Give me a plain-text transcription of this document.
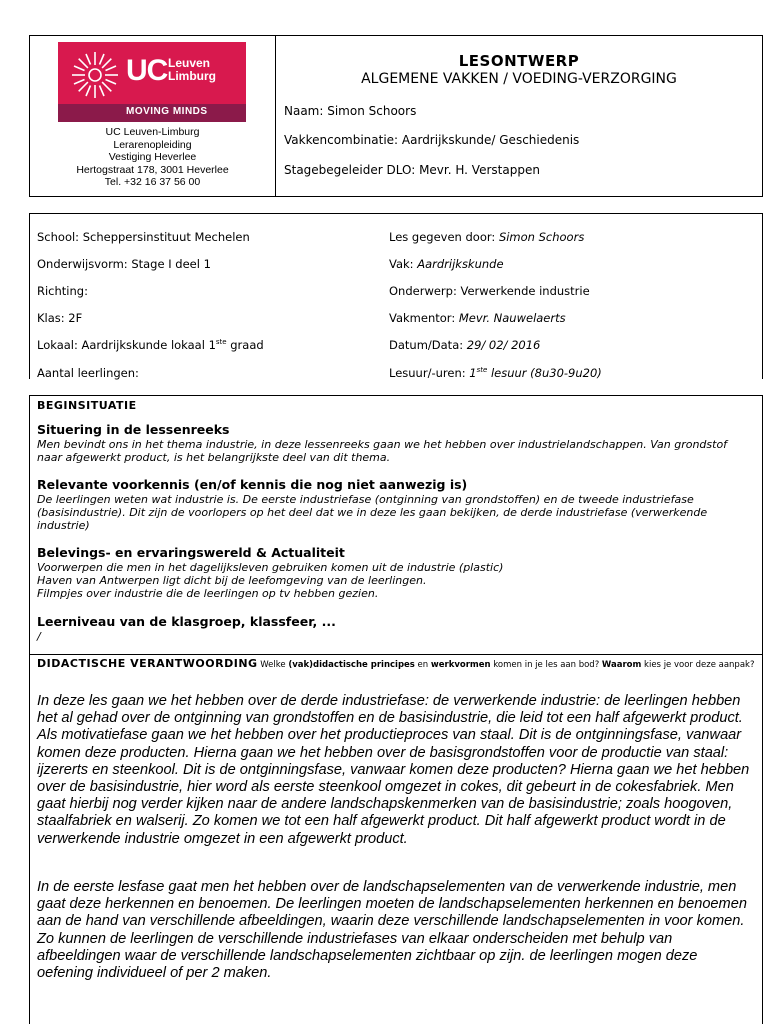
UC Leuven
Limburg
MOVING MINDS
UC Leuven-Limburg
Lerarenopleiding
Vestiging Heverlee
Hertogstraat 178, 3001 Heverlee
Tel. +32 16 37 56 00
LESONTWERP
ALGEMENE VAKKEN / VOEDING-VERZORGING
Naam: Simon Schoors
Vakkencombinatie: Aardrijkskunde/ Geschiedenis
Stagebegeleider DLO: Mevr. H. Verstappen
School: Scheppersinstituut Mechelen
Onderwijsvorm: Stage I deel 1
Richting:
Klas: 2F
Lokaal: Aardrijkskunde lokaal 1ste graad
Aantal leerlingen:
Les gegeven door: Simon Schoors
Vak: Aardrijkskunde
Onderwerp: Verwerkende industrie
Vakmentor: Mevr. Nauwelaerts
Datum/Data: 29/ 02/ 2016
Lesuur/-uren: 1ste lesuur (8u30-9u20)
BEGINSITUATIE
Situering in de lessenreeks
Men bevindt ons in het thema industrie, in deze lessenreeks gaan we het hebben over industrielandschappen. Van grondstof naar afgewerkt product, is het belangrijkste deel van dit thema.
Relevante voorkennis (en/of kennis die nog niet aanwezig is)
De leerlingen weten wat industrie is. De eerste industriefase (ontginning van grondstoffen) en de tweede industriefase (basisindustrie). Dit zijn de voorlopers op het deel dat we in deze les gaan bekijken, de derde industriefase (verwerkende industrie)
Belevings- en ervaringswereld & Actualiteit
Voorwerpen die men in het dagelijksleven gebruiken komen uit de industrie (plastic)
Haven van Antwerpen ligt dicht bij de leefomgeving van de leerlingen.
Filmpjes over industrie die de leerlingen op tv hebben gezien.
Leerniveau van de klasgroep, klassfeer, ...
/
DIDACTISCHE VERANTWOORDING Welke (vak)didactische principes en werkvormen komen in je les aan bod? Waarom kies je voor deze aanpak?
In deze les gaan we het hebben over de derde industriefase: de verwerkende industrie: de leerlingen hebben het al gehad over de ontginning van grondstoffen en de basisindustrie, die leid tot een half afgewerkt product. Als motivatiefase gaan we het hebben over het productieproces van staal. Dit is de ontginningsfase, vanwaar komen deze producten. Hierna gaan we het hebben over de basisgrondstoffen voor de productie van staal: ijzererts en steenkool. Dit is de ontginningsfase, vanwaar komen deze producten? Hierna gaan we het hebben over de basisindustrie, hier word als eerste steenkool omgezet in cokes, dit gebeurt in de cokesfabriek. Men gaat hierbij nog verder kijken naar de andere landschapskenmerken van de basisindustrie; zoals hoogoven, staalfabriek en walserij. Zo komen we tot een half afgewerkt product. Dit half afgewerkt product wordt in de verwerkende industrie omgezet in een afgewerkt product.
In de eerste lesfase gaat men het hebben over de landschapselementen van de verwerkende industrie, men gaat deze herkennen en benoemen. De leerlingen moeten de landschapselementen herkennen en benoemen aan de hand van verschillende afbeeldingen, waarin deze verschillende landschapselementen in voor komen. Zo kunnen de leerlingen de verschillende industriefases van elkaar onderscheiden met behulp van afbeeldingen waar de verschillende landschapselementen zichtbaar op zijn. de leerlingen mogen deze oefening individueel of per 2 maken.
